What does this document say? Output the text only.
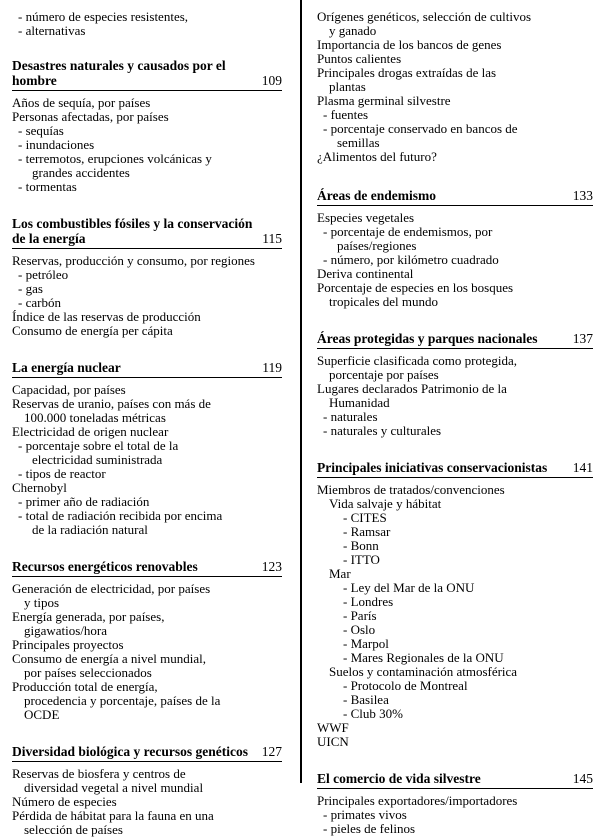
- número de especies resistentes,
- alternativas
Desastres naturales y causados por el hombre	109
Años de sequía, por países
Personas afectadas, por países
- sequías
- inundaciones
- terremotos, erupciones volcánicas y
grandes accidentes
- tormentas
Los combustibles fósiles y la conservación de la energía	115
Reservas, producción y consumo, por regiones
- petróleo
- gas
- carbón
Índice de las reservas de producción
Consumo de energía per cápita
La energía nuclear	119
Capacidad, por países
Reservas de uranio, países con más de
100.000 toneladas métricas
Electricidad de origen nuclear
- porcentaje sobre el total de la
electricidad suministrada
- tipos de reactor
Chernobyl
- primer año de radiación
- total de radiación recibida por encima
de la radiación natural
Recursos energéticos renovables	123
Generación de electricidad, por países
y tipos
Energía generada, por países,
gigawatios/hora
Principales proyectos
Consumo de energía a nivel mundial,
por países seleccionados
Producción total de energía,
procedencia y porcentaje, países de la
OCDE
Diversidad biológica y recursos genéticos 127
Reservas de biosfera y centros de
diversidad vegetal a nivel mundial
Número de especies
Pérdida de hábitat para la fauna en una
selección de países
Orígenes genéticos, selección de cultivos
y ganado
Importancia de los bancos de genes
Puntos calientes
Principales drogas extraídas de las
plantas
Plasma germinal silvestre
- fuentes
- porcentaje conservado en bancos de
semillas
¿Alimentos del futuro?
Áreas de endemismo	133
Especies vegetales
- porcentaje de endemismos, por
países/regiones
- número, por kilómetro cuadrado
Deriva continental
Porcentaje de especies en los bosques
tropicales del mundo
Áreas protegidas y parques nacionales	137
Superficie clasificada como protegida,
porcentaje por países
Lugares declarados Patrimonio de la
Humanidad
- naturales
- naturales y culturales
Principales iniciativas conservacionistas 141
Miembros de tratados/convenciones
Vida salvaje y hábitat
- CITES
- Ramsar
- Bonn
- ITTO
Mar
- Ley del Mar de la ONU
- Londres
- París
- Oslo
- Marpol
- Mares Regionales de la ONU
Suelos y contaminación atmosférica
- Protocolo de Montreal
- Basilea
- Club 30%
WWF
UICN
El comercio de vida silvestre	145
Principales exportadores/importadores
- primates vivos
- pieles de felinos
